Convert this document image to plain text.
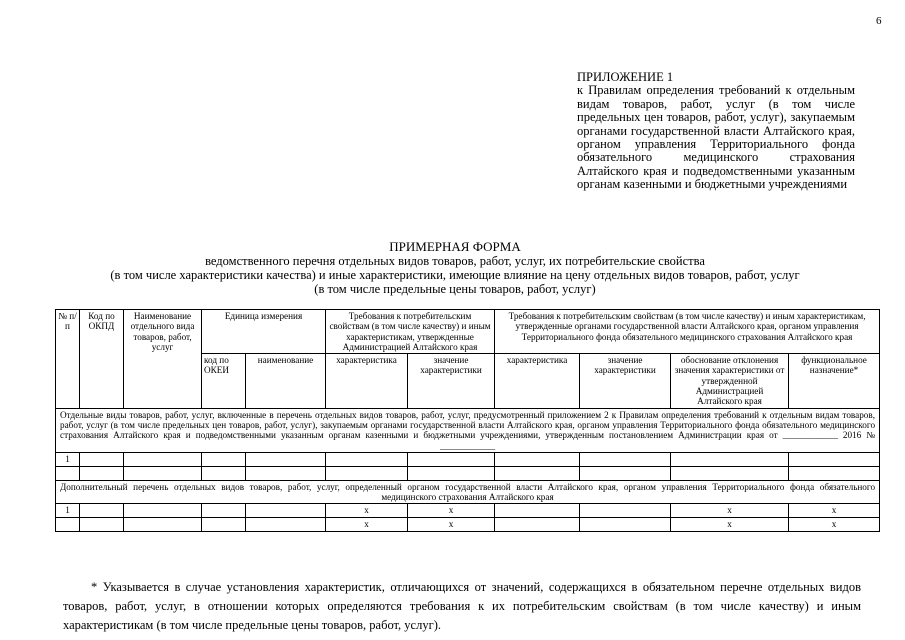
6
ПРИЛОЖЕНИЕ 1
к Правилам определения требований к отдельным видам товаров, работ, услуг (в том числе предельных цен товаров, работ, услуг), закупаемым органами государственной власти Алтайского края, органом управления Территориального фонда обязательного медицинского страхования Алтайского края и подведомственными указанным органам казенными и бюджетными учреждениями
ПРИМЕРНАЯ ФОРМА
ведомственного перечня отдельных видов товаров, работ, услуг, их потребительские свойства
(в том числе характеристики качества) и иные характеристики, имеющие влияние на цену отдельных видов товаров, работ, услуг
(в том числе предельные цены товаров, работ, услуг)
№ п/п	Код по ОКПД	Наименование отдельного вида товаров, работ, услуг	Единица измерения		Требования к потребительским свойствам (в том числе качеству) и иным характеристикам, утвержденные Администрацией Алтайского края		Требования к потребительским свойствам (в том числе качеству) и иным характеристикам, утвержденные органами государственной власти Алтайского края, органом управления Территориального фонда обязательного медицинского страхования Алтайского края			
			код по ОКЕИ	наименование	характеристика	значение характеристики	характеристика	значение характеристики	обоснование отклонения значения характеристики от утвержденной Администрацией Алтайского края	функциональное назначение*
Отдельные виды товаров, работ, услуг, включенные в перечень отдельных видов товаров, работ, услуг, предусмотренный приложением 2 к Правилам определения требований к отдельным видам товаров, работ, услуг (в том числе предельных цен товаров, работ, услуг), закупаемым органами государственной власти Алтайского края, органом управления Территориального фонда обязательного медицинского страхования Алтайского края и подведомственными указанным органам казенными и бюджетными учреждениями, утвержденным постановлением Администрации края от ____________ 2016 № ____________										
1										

Дополнительный перечень отдельных видов товаров, работ, услуг, определенный органом государственной власти Алтайского края, органом управления Территориального фонда обязательного медицинского страхования Алтайского края										
1					x	x			x	x
					x	x			x	x
* Указывается в случае установления характеристик, отличающихся от значений, содержащихся в обязательном перечне отдельных видов товаров, работ, услуг, в отношении которых определяются требования к их потребительским свойствам (в том числе качеству) и иным характеристикам (в том числе предельные цены товаров, работ, услуг).
